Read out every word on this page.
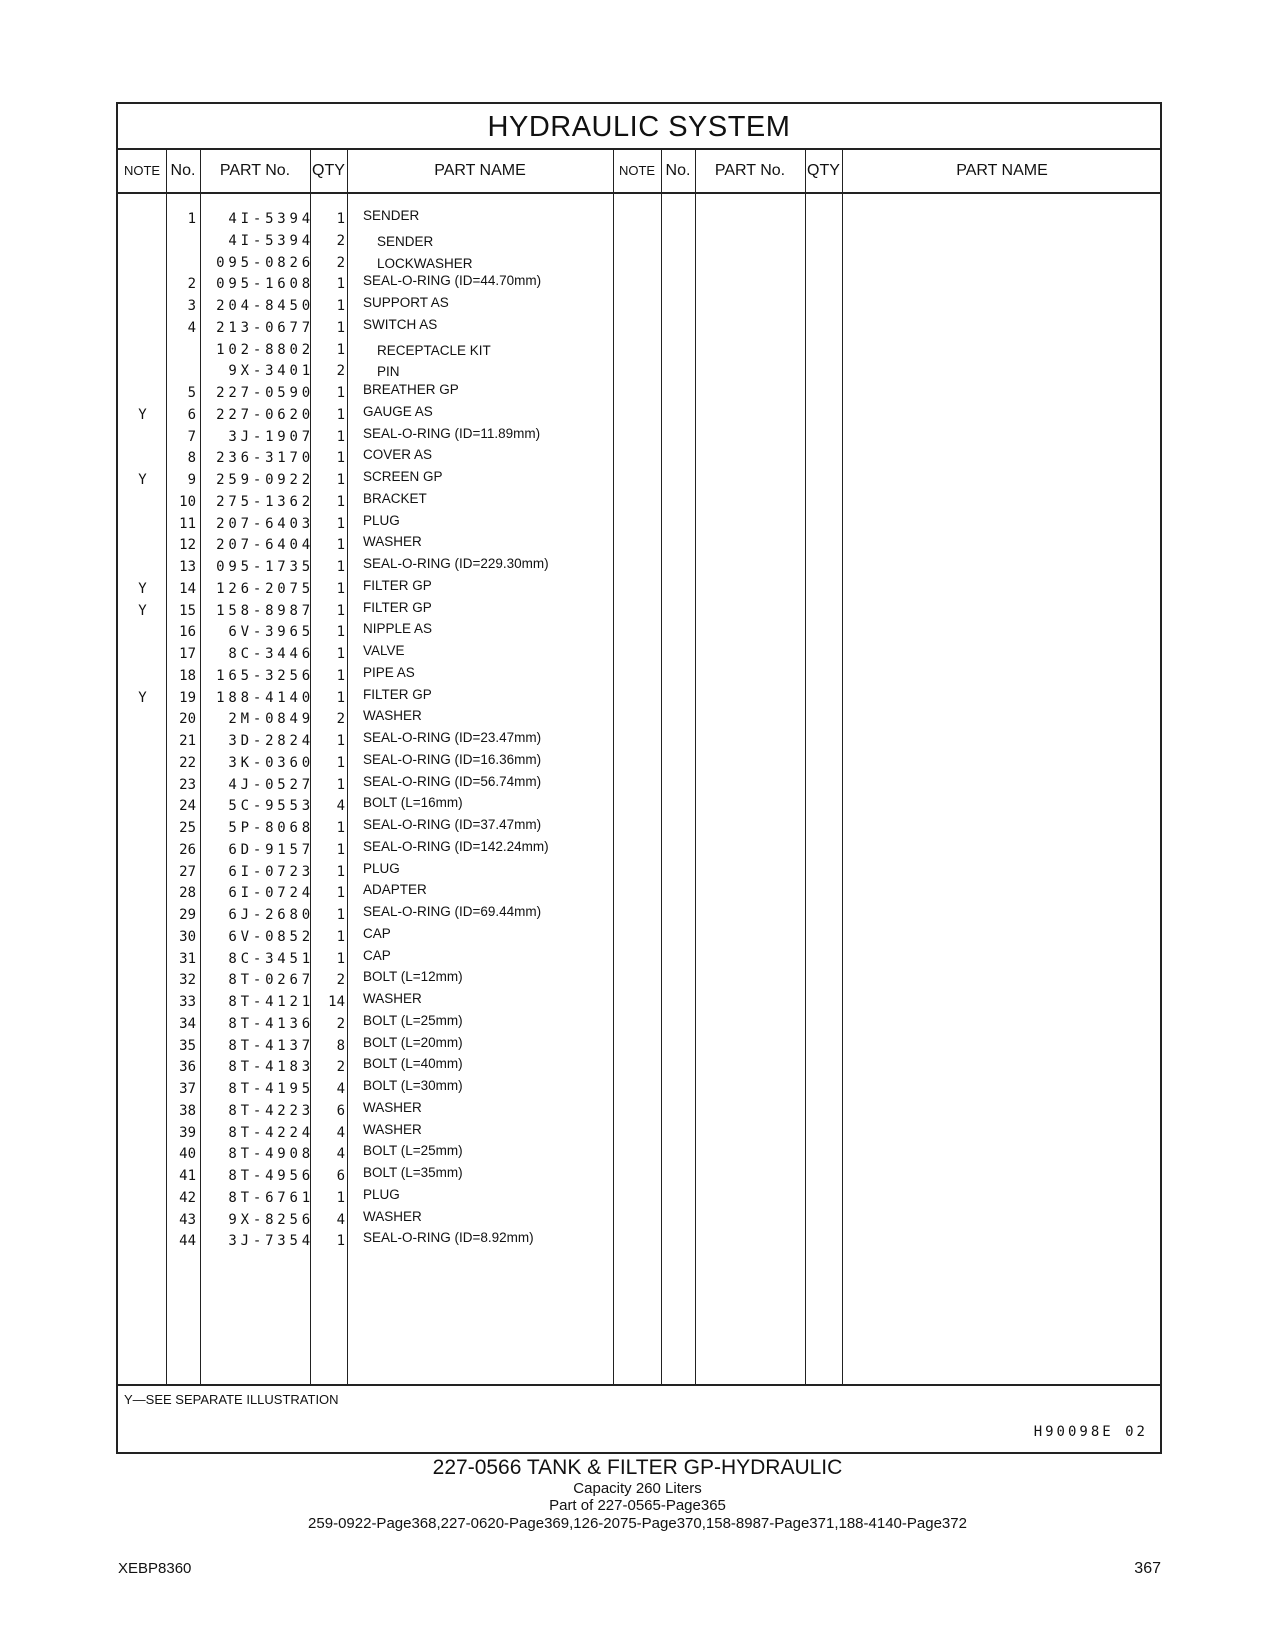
HYDRAULIC SYSTEM
NOTE No.	PART No.	QTY	PART NAME	NOTE No.	PART No.	QTY	PART NAME
1	4I-5394	1 SENDER
4I-5394	2 SENDER
095-0826	2 LOCKWASHER
2	095-1608	1 SEAL-O-RING (ID=44.70mm)
3	204-8450	1 SUPPORT AS
4	213-0677	1 SWITCH AS
102-8802	1 RECEPTACLE KIT
9X-3401	2 PIN
5	227-0590	1 BREATHER GP
Y	6	227-0620	1 GAUGE AS
7	3J-1907	1 SEAL-O-RING (ID=11.89mm)
8	236-3170	1 COVER AS
Y	9	259-0922	1 SCREEN GP
10	275-1362	1 BRACKET
11	207-6403	1 PLUG
12	207-6404	1 WASHER
13	095-1735	1 SEAL-O-RING (ID=229.30mm)
Y	14	126-2075	1 FILTER GP
Y	15	158-8987	1 FILTER GP
16	6V-3965	1 NIPPLE AS
17	8C-3446	1 VALVE
18	165-3256	1 PIPE AS
Y	19	188-4140	1 FILTER GP
20	2M-0849	2 WASHER
21	3D-2824	1 SEAL-O-RING (ID=23.47mm)
22	3K-0360	1 SEAL-O-RING (ID=16.36mm)
23	4J-0527	1 SEAL-O-RING (ID=56.74mm)
24	5C-9553	4 BOLT (L=16mm)
25	5P-8068	1 SEAL-O-RING (ID=37.47mm)
26	6D-9157	1 SEAL-O-RING (ID=142.24mm)
27	6I-0723	1 PLUG
28	6I-0724	1 ADAPTER
29	6J-2680	1 SEAL-O-RING (ID=69.44mm)
30	6V-0852	1 CAP
31	8C-3451	1 CAP
32	8T-0267	2 BOLT (L=12mm)
33	8T-4121	14 WASHER
34	8T-4136	2 BOLT (L=25mm)
35	8T-4137	8 BOLT (L=20mm)
36	8T-4183	2 BOLT (L=40mm)
37	8T-4195	4 BOLT (L=30mm)
38	8T-4223	6 WASHER
39	8T-4224	4 WASHER
40	8T-4908	4 BOLT (L=25mm)
41	8T-4956	6 BOLT (L=35mm)
42	8T-6761	1 PLUG
43	9X-8256	4 WASHER
44	3J-7354	1 SEAL-O-RING (ID=8.92mm)
Y—SEE SEPARATE ILLUSTRATION
H90098E 02
227-0566 TANK & FILTER GP-HYDRAULIC
Capacity 260 Liters
Part of 227-0565-Page365
259-0922-Page368,227-0620-Page369,126-2075-Page370,158-8987-Page371,188-4140-Page372
XEBP8360	367
